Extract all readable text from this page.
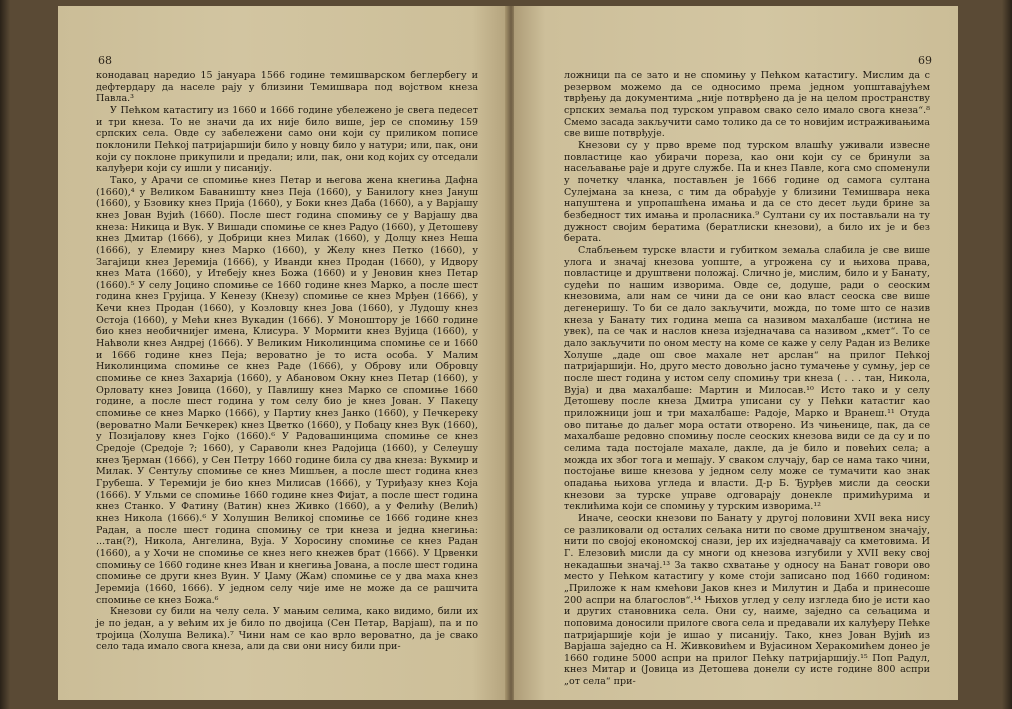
68

конодавац наредио 15 јануара 1566 године темишварском беглербегу и дефтердару да населе рају у близини Темишвара под војством кнеза Павла.³

У Пећком катастигу из 1660 и 1666 године убележено је свега педесет и три кнеза. То не значи да их није било више, јер се спомињу 159 српских села. Овде су забележени само они који су приликом пописе поклонили Пећкој патријаршији било у новцу било у натури; или, пак, они који су поклоне прикупили и предали; или, пак, они код којих су отседали калуђери који су ишли у писанију.

Тако, у Арачи се спомиње кнез Петар и његова жена кнегиња Дафна (1660),⁴ у Великом Бавaништу кнез Пеја (1660), у Банилогу кнез Јануш (1660), у Бзовику кнез Прија (1660), у Боки кнез Даба (1660), а у Варјашу кнез Јован Вујић (1660). После шест година спомињу се у Варјашу два кнеза: Никица и Вук. У Вишади спомиње се кнез Радуо (1660), у Детошеву кнез Дмитар (1666), у Добрици кнез Милак (1660), у Долцу кнез Неша (1666), у Елемиру кнез Марко (1660), у Желу кнез Петко (1660), у Загајици кнез Јеремија (1666), у Иванди кнез Продан (1660), у Идвору кнез Мата (1660), у Итебеју кнез Божа (1660) и у Јеновин кнез Петар (1660).⁵ У селу Јоцино спомиње се 1660 године кнез Марко, а после шест година кнез Грујица. У Кенезу (Кнезу) спомиње се кнез Мрђен (1666), у Кечи кнез Продан (1660), у Козловцу кнез Јова (1660), у Лудошу кнез Остоја (1660), у Мећи кнез Вукадин (1666). У Моноштору је 1660 године био кнез необичниjег имена, Клисура. У Мормити кнез Вујица (1660), у Наћволи кнез Андреј (1666). У Великим Николинцима спомиње се и 1660 и 1666 године кнез Пеја; вероватно је то иста особа. У Малим Николинцима спомиње се кнез Раде (1666), у Оброву или Обровцу спомиње се кнез Захарија (1660), у Абановом Окну кнез Петар (1660), у Орловату кнез Јовица (1660), у Павлишу кнез Марко се спомиње 1660 године, а после шест година у том селу био је кнез Јован. У Пакецу спомиње се кнез Марко (1666), у Партиу кнез Јанко (1660), у Печкереку (вероватно Мали Бечкерек) кнез Цветко (1660), у Побацу кнез Вук (1660), у Позиjалову кнез Гојко (1660).⁶ У Радовашинцима спомиње се кнез Средоје (Средоје ?; 1660), у Сараволи кнез Радојица (1660), у Селеушу кнез Ђерман (1666), у Сен Петру 1660 године била су два кнеза: Вукмир и Милак. У Сентуљу спомиње се кнез Мишљен, а после шест година кнез Грубеша. У Теремији је био кнез Милисав (1666), у Туриђазу кнез Која (1666). У Ульми се спомиње 1660 године кнез Фијат, а после шест година кнез Станко. У Фатину (Ватин) кнез Живко (1660), а у Фелићу (Велић) кнез Никола (1666).⁶ У Холушин Великој спомиње се 1666 године кнез Радан, а после шест година спомињу се три кнеза и једна кнегиња: ...тан(?), Никола, Ангелина, Вуја. У Хоросину спомиње се кнез Радан (1660), а у Хочи не спомиње се кнез него кнежев брат (1666). У Црвенки спомињу се 1660 године кнез Иван и кнегиња Јована, а после шест година спомиње се други кнез Вуин. У Џаму (Жам) спомиње се у два маха кнез Јеремија (1660, 1666). У једном селу чије име не може да се рашчита спомиње се кнез Божа.⁶

Кнезови су били на челу села. У мањим селима, како видимо, били их је по један, а у већим их је било по двојица (Сен Петар, Варјаш), па и по тројица (Холуша Велика).⁷ Чини нам се као врло вероватно, да је свако село тада имало свога кнеза, али да сви они нису били при-

69

ложници па се зато и не спомињу у Пећком катастигу. Мислим да с резервом можемо да се односимо према једном уопштавајућем тврђењу да документима „није потврђено да је на целом пространству српских земаља под турском управом свако село имало свога кнеза“.⁸ Смемо засада закључити само толико да се то новијим истраживањима све више потврђује.

Кнезови су у прво време под турском влашћу уживали извесне повластице као убирачи пореза, као они који су се бринули за насељавање раје и друге службе. Па и кнез Павле, кога смо споменули у почетку чланка, постављен је 1666 године од самога султана Сулејмана за кнеза, с тим да обрађује у близини Темишвара нека напуштена и упропашћена имања и да се сто десет људи брине за безбедност тих имања и проласника.⁹ Султани су их постављали на ту дужност својим бератима (бератлиски кнезови), а било их је и без берата.

Слабљењем турске власти и губитком земаља слабила је све више улога и значај кнезова уопште, а угрожена су и њихова права, повластице и друштвени положај. Слично је, мислим, било и у Банату, судећи по нашим изворима. Овде се, додуше, ради о сеоским кнезовима, али нам се чини да се они као власт сеоска све више дегенеришу. То би се дало закључити, можда, по томе што се назив кнеза у Банату тих година меша са називом махалбаше (истина не увек), па се чак и наслов кнеза изједначава са називом „кмет“. То се дало закључити по оном месту на коме се каже у селу Радан из Велике Холуше „даде ош свое махале нет арслан“ на прилог Пећкој патријаршији. Но, друго место довољно јасно тумачење у сумњу, јер се после шест година у истом селу спомињу три кнеза ( . . . тан, Никола, Вуја) и два махалбаше: Мартин и Милосав.¹⁰ Исто тако и у селу Детошеву после кнеза Дмитра уписани су у Пећки катастиг као приложници још и три махалбаше: Радоје, Марко и Вранеш.¹¹ Отуда ово питање до даљег мора остати отворено. Из чињенице, пак, да се махалбаше редовно спомињу после сеоских кнезова види се да су и по селима тада постојале махале, дакле, да је било и повећих села; а можда их због тога и мешају. У сваком случају, бар се нама тако чини, постојање више кнезова у једном селу може се тумачити као знак опадања њихова угледа и власти. Д-р Б. Ђурђев мисли да сеоски кнезови за турске управе одговарају донекле примићурима и теклићима који се спомињу у турским изворима.¹²

Иначе, сеоски кнезови по Банату у другој половини XVII века нису се разликовали од осталих сељака нити по своме друштвеном значају, нити по својој економској снази, јер их изједначавају са кметовима. И Г. Елезовић мисли да су многи од кнезова изгубили у XVII веку свој некадашњи значај.¹³ За такво схватање у односу на Банат говори ово место у Пећком катастигу у коме стоји записано под 1660 годином: „Приложе к нам кмећови Јаков кнез и Милутин и Даба и принесоше 200 аспри на благослов“.¹⁴ Њихов углед у селу изгледа био је исти као и других становника села. Они су, наиме, заједно са сељацима и поповима доносили прилоге свога села и предавали их калуђеру Пећке патријаршије који је ишао у писанију. Тако, кнез Јован Вујић из Варјаша заједно са Н. Живковићем и Вујасином Херакомићем донео је 1660 године 5000 аспри на прилог Пећку патријаршију.¹⁵ Поп Радул, кнез Митар и (Јовица из Детошева донели су исте године 800 аспри „от села“ при-
